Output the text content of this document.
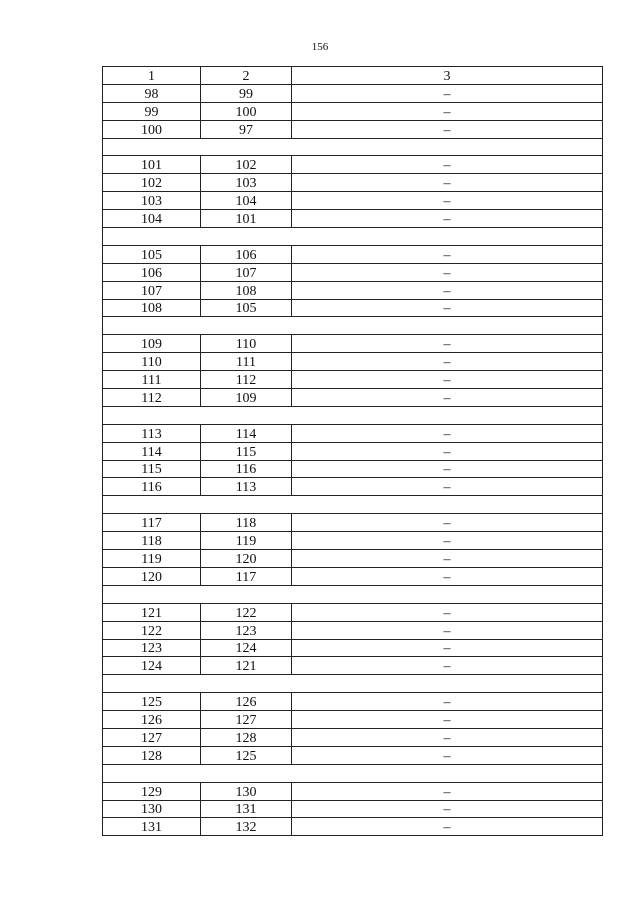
156
1	2	3
98	99	–
99	100	–
100	97	–

101	102	–
102	103	–
103	104	–
104	101	–

105	106	–
106	107	–
107	108	–
108	105	–

109	110	–
110	111	–
111	112	–
112	109	–

113	114	–
114	115	–
115	116	–
116	113	–

117	118	–
118	119	–
119	120	–
120	117	–

121	122	–
122	123	–
123	124	–
124	121	–

125	126	–
126	127	–
127	128	–
128	125	–

129	130	–
130	131	–
131	132	–
